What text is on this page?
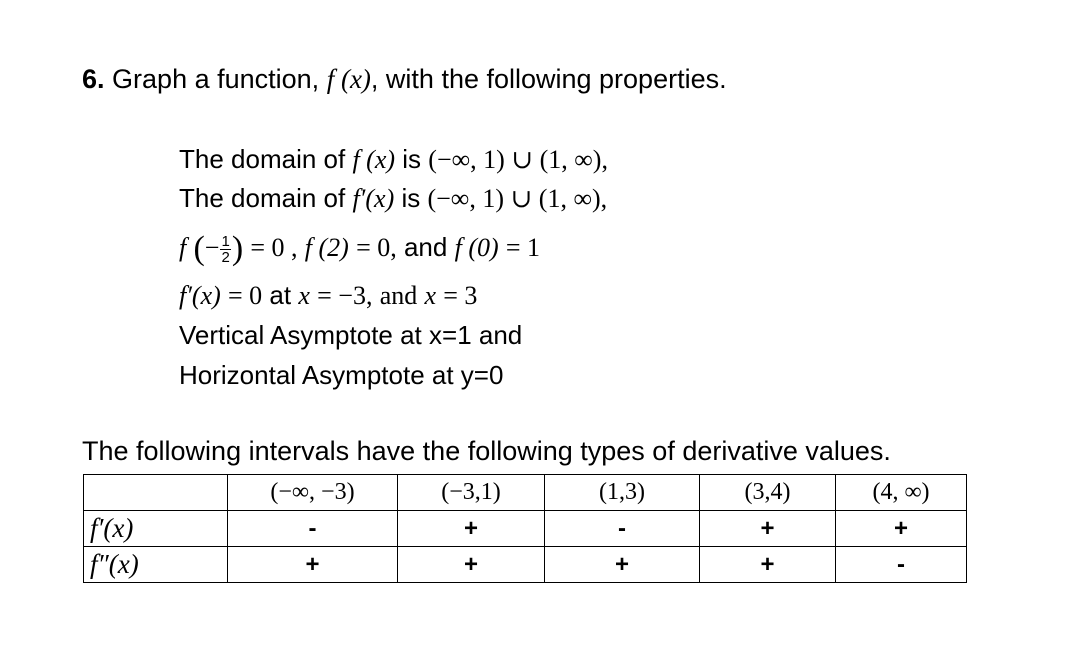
6. Graph a function, f (x), with the following properties.
The domain of f (x) is (−∞, 1) ∪ (1, ∞),
The domain of f′(x) is (−∞, 1) ∪ (1, ∞),
f (− $\frac{1}{2}$ ) = 0 , f (2) = 0, and f (0) = 1
f′(x) = 0 at x = −3, and x = 3
Vertical Asymptote at x=1 and
Horizontal Asymptote at y=0
The following intervals have the following types of derivative values.
	(−∞, −3)	(−3,1)	(1,3)	(3,4)	(4, ∞)
f′(x)	-	+	-	+	+
f″(x)	+	+	+	+	-
